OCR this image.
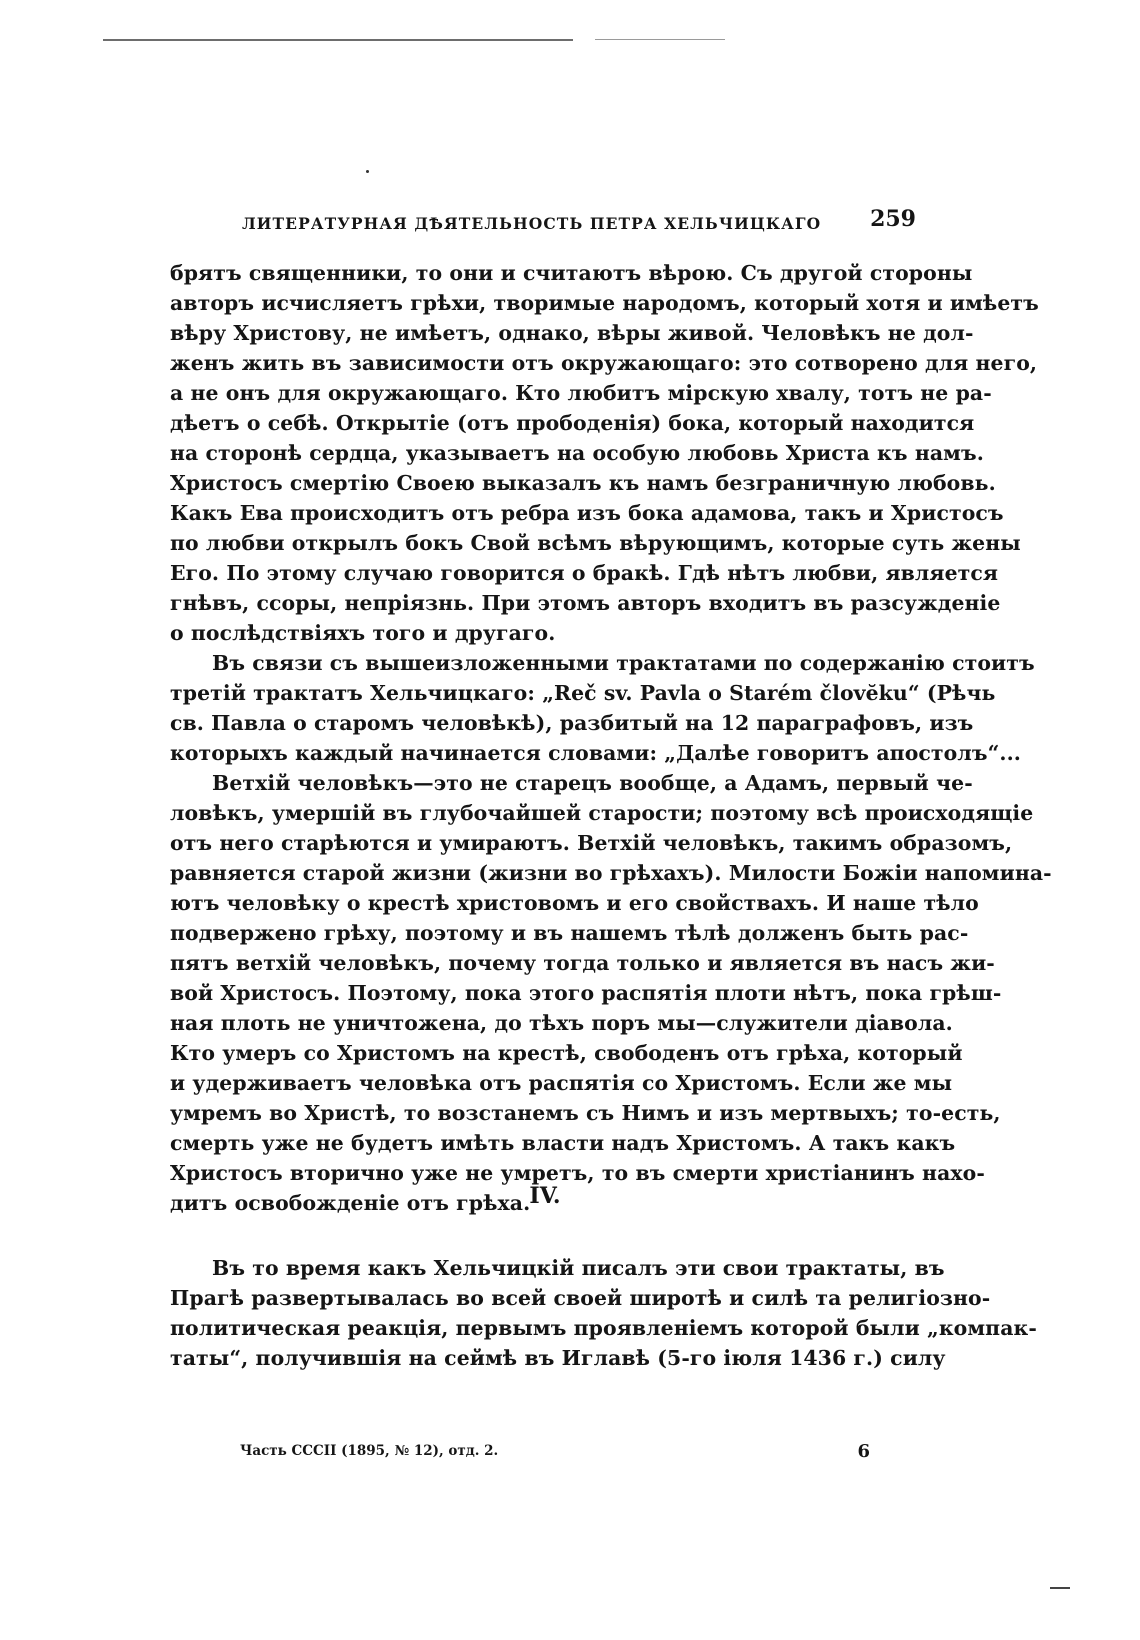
ЛИТЕРАТУРНАЯ ДѢЯТЕЛЬНОСТЬ ПЕТРА ХЕЛЬЧИЦКАГО 259
брятъ священники, то они и считаютъ вѣрою. Съ другой стороны
авторъ исчисляетъ грѣхи, творимые народомъ, который хотя и имѣетъ
вѣру Христову, не имѣетъ, однако, вѣры живой. Человѣкъ не дол-
женъ жить въ зависимости отъ окружающаго: это сотворено для него,
а не онъ для окружающаго. Кто любитъ мірскую хвалу, тотъ не ра-
дѣетъ о себѣ. Открытіе (отъ прободенія) бока, который находится
на сторонѣ сердца, указываетъ на особую любовь Христа къ намъ.
Христосъ смертію Своею выказалъ къ намъ безграничную любовь.
Какъ Ева происходитъ отъ ребра изъ бока адамова, такъ и Христосъ
по любви открылъ бокъ Свой всѣмъ вѣрующимъ, которые суть жены
Его. По этому случаю говорится о бракѣ. Гдѣ нѣтъ любви, является
гнѣвъ, ссоры, непріязнь. При этомъ авторъ входитъ въ разсужденіе
о послѣдствіяхъ того и другаго.
Въ связи съ вышеизложенными трактатами по содержанію стоитъ
третій трактатъ Хельчицкаго: „Reč sv. Pavla o Starém človĕku“ (Рѣчь
св. Павла о старомъ человѣкѣ), разбитый на 12 параграфовъ, изъ
которыхъ каждый начинается словами: „Далѣе говоритъ апостолъ“...
Ветхій человѣкъ—это не старецъ вообще, а Адамъ, первый че-
ловѣкъ, умершій въ глубочайшей старости; поэтому всѣ происходящіе
отъ него старѣются и умираютъ. Ветхій человѣкъ, такимъ образомъ,
равняется старой жизни (жизни во грѣхахъ). Милости Божіи напомина-
ютъ человѣку о крестѣ христовомъ и его свойствахъ. И наше тѣло
подвержено грѣху, поэтому и въ нашемъ тѣлѣ долженъ быть рас-
пятъ ветхій человѣкъ, почему тогда только и является въ насъ жи-
вой Христосъ. Поэтому, пока этого распятія плоти нѣтъ, пока грѣш-
ная плоть не уничтожена, до тѣхъ поръ мы—служители діавола.
Кто умеръ со Христомъ на крестѣ, свободенъ отъ грѣха, который
и удерживаетъ человѣка отъ распятія со Христомъ. Если же мы
умремъ во Христѣ, то возстанемъ съ Нимъ и изъ мертвыхъ; то-есть,
смерть уже не будетъ имѣть власти надъ Христомъ. А такъ какъ
Христосъ вторично уже не умретъ, то въ смерти христіанинъ нахо-
дитъ освобожденіе отъ грѣха. IV.
Въ то время какъ Хельчицкій писалъ эти свои трактаты, въ
Прагѣ развертывалась во всей своей широтѣ и силѣ та религіозно-
политическая реакція, первымъ проявленіемъ которой были „компак-
таты“, получившія на сеймѣ въ Иглавѣ (5-го іюля 1436 г.) силу
Часть СССII (1895, № 12), отд. 2.	6
